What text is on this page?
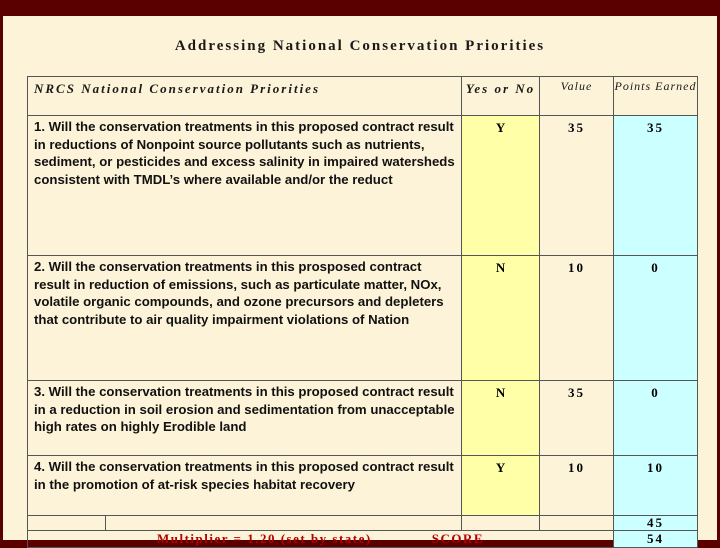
Addressing National Conservation Priorities
NRCS National Conservation Priorities		Yes or No	Value	Points Earned
1. Will the conservation treatments in this proposed contract result in reductions of Nonpoint source pollutants such as nutrients, sediment, or pesticides and excess salinity in impaired watersheds consistent with TMDL’s where available and/or the reduct		Y	35	35
2. Will the conservation treatments in this prosposed contract result in reduction of emissions, such as particulate matter, NOx, volatile organic compounds, and ozone precursors and depleters that contribute to air quality impairment violations of Nation		N	10	0
3. Will the conservation treatments in this proposed contract result in a reduction in soil erosion and sedimentation from unacceptable high rates on highly Erodible land		N	35	0
4. Will the conservation treatments in this proposed contract result in the promotion of at-risk species habitat recovery		Y	10	10
				45
Multiplier = 1.20 (set by state) SCORE				54
